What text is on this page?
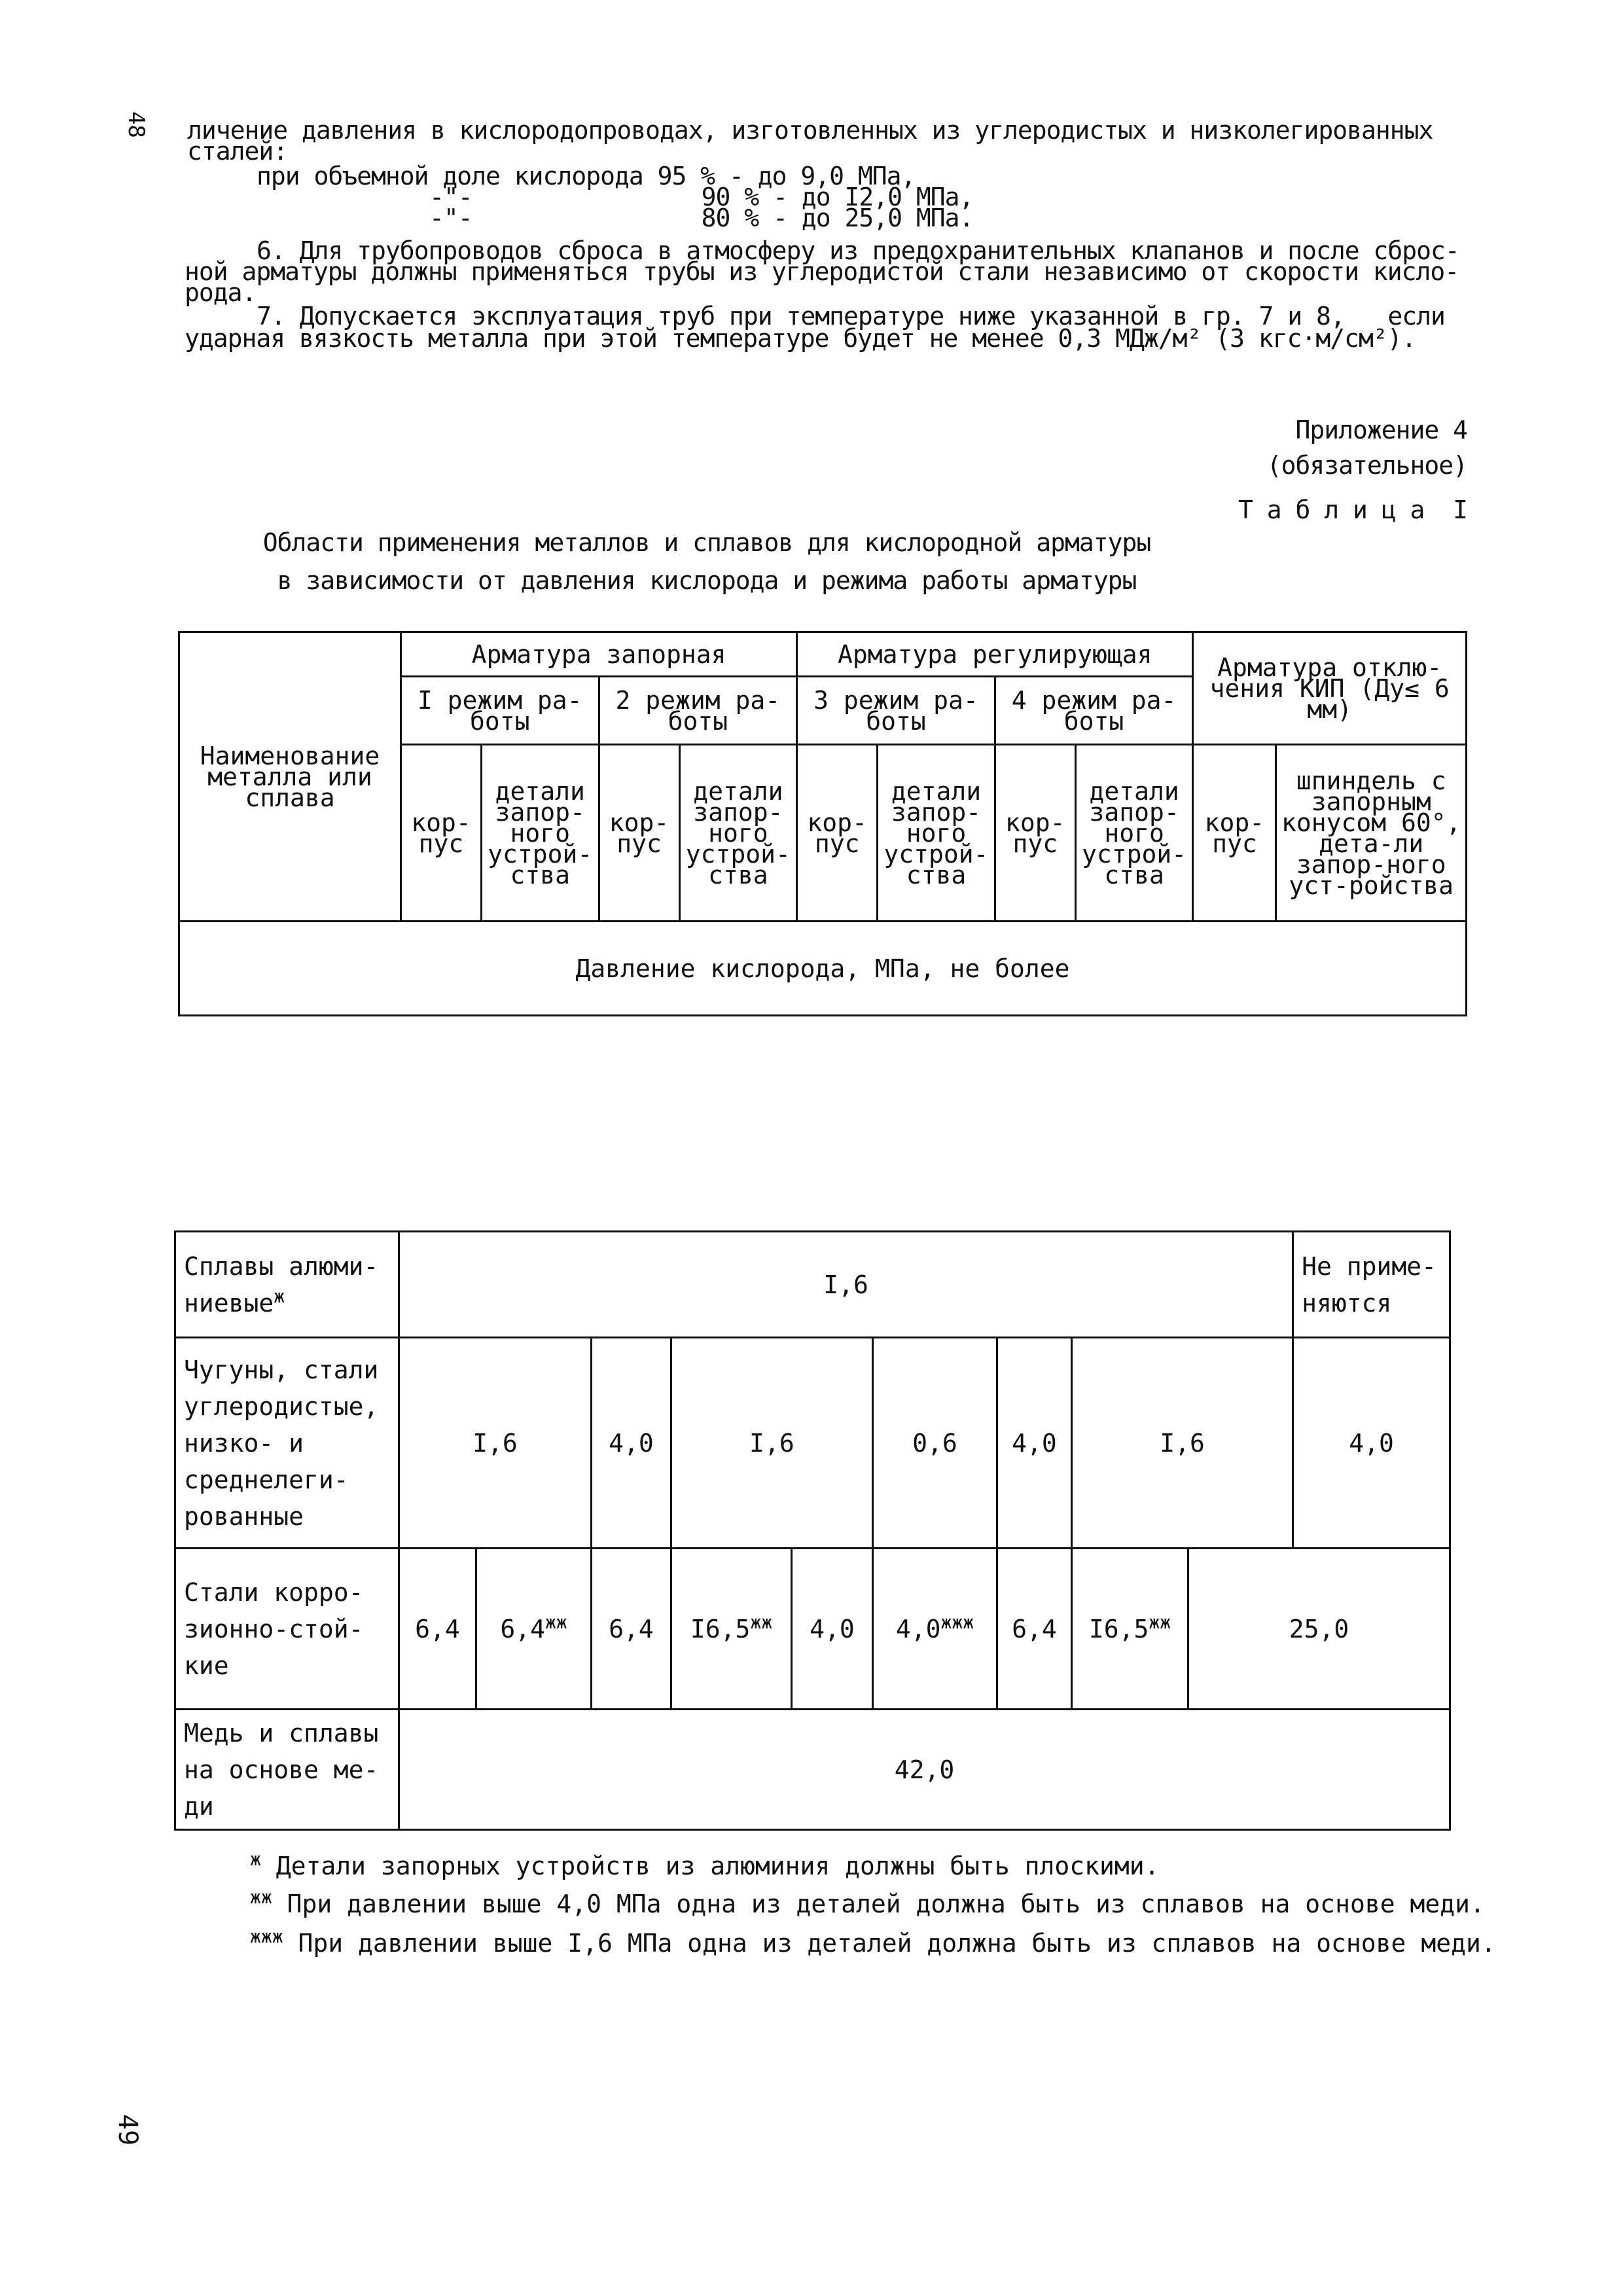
48
49
личение давления в кислородопроводах, изготовленных из углеродистых и низколегированных
сталей:
при объемной доле кислорода 95 % - до 9,0 МПа,
-"-                90 % - до I2,0 МПа,
-"-                80 % - до 25,0 МПа.
6. Для трубопроводов сброса в атмосферу из предохранительных клапанов и после сброс-
ной арматуры должны применяться трубы из углеродистой стали независимо от скорости кисло-
рода.
7. Допускается эксплуатация труб при температуре ниже указанной в гр. 7 и 8,   если
ударная вязкость металла при этой температуре будет не менее 0,3 МДж/м² (3 кгс·м/см²).
Приложение 4
(обязательное)
Т а б л и ц а  I
Области применения металлов и сплавов для кислородной арматуры
в зависимости от давления кислорода и режима работы арматуры
Наименование металла или сплава	Арматура запорная				Арматура регулирующая				Арматура отклю-чения КИП (Дy≤ 6 мм)	
	I режим ра-боты		2 режим ра-боты		3 режим ра-боты		4 режим ра-боты			
	кор-пус	детали запор-ного устрой-ства	кор-пус	детали запор-ного устрой-ства	кор-пус	детали запор-ного устрой-ства	кор-пус	детали запор-ного устрой-ства	кор-пус	шпиндель с запорным конусом 60°, дета-ли запор-ного уст-ройства
Давление кислорода, МПа, не более										
Сплавы алюми-ниевыеж	I,6									Не приме-няются
Чугуны, стали углеродистые, низко- и среднелеги-рованные	I,6		4,0	I,6		0,6	4,0	I,6		4,0
Стали корро-зионно-стой-кие	6,4	6,4жж	6,4	I6,5жж	4,0	4,0жжж	6,4	I6,5жж	25,0	
Медь и сплавы на основе ме-ди	42,0									
ж Детали запорных устройств из алюминия должны быть плоскими.
жж При давлении выше 4,0 МПа одна из деталей должна быть из сплавов на основе меди.
жжж При давлении выше I,6 МПа одна из деталей должна быть из сплавов на основе меди.
